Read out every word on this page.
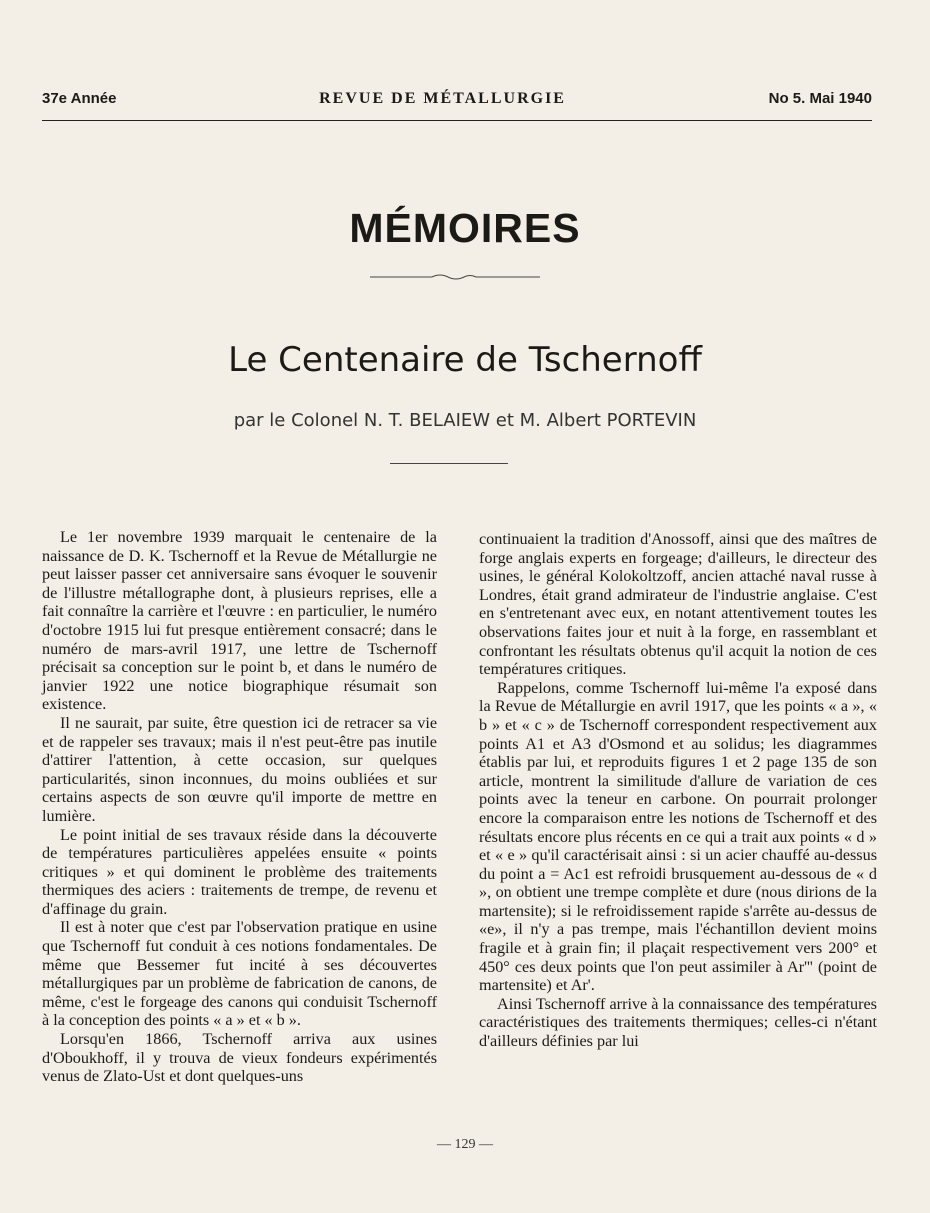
37e Année	REVUE DE MÉTALLURGIE	No 5. Mai 1940
MÉMOIRES
Le Centenaire de Tschernoff
par le Colonel N. T. BELAIEW et M. Albert PORTEVIN

Le 1er novembre 1939 marquait le centenaire de la naissance de D. K. Tschernoff et la Revue de Métallurgie ne peut laisser passer cet anniversaire sans évoquer le souvenir de l'illustre métallographe dont, à plusieurs reprises, elle a fait connaître la carrière et l'œuvre : en particulier, le numéro d'octobre 1915 lui fut presque entièrement consacré; dans le numéro de mars-avril 1917, une lettre de Tschernoff précisait sa conception sur le point b, et dans le numéro de janvier 1922 une notice biographique résumait son existence.

Il ne saurait, par suite, être question ici de retracer sa vie et de rappeler ses travaux; mais il n'est peut-être pas inutile d'attirer l'attention, à cette occasion, sur quelques particularités, sinon inconnues, du moins oubliées et sur certains aspects de son œuvre qu'il importe de mettre en lumière.

Le point initial de ses travaux réside dans la découverte de températures particulières appelées ensuite « points critiques » et qui dominent le problème des traitements thermiques des aciers : traitements de trempe, de revenu et d'affinage du grain.

Il est à noter que c'est par l'observation pratique en usine que Tschernoff fut conduit à ces notions fondamentales. De même que Bessemer fut incité à ses découvertes métallurgiques par un problème de fabrication de canons, de même, c'est le forgeage des canons qui conduisit Tschernoff à la conception des points « a » et « b ».

Lorsqu'en 1866, Tschernoff arriva aux usines d'Oboukhoff, il y trouva de vieux fondeurs expérimentés venus de Zlato-Ust et dont quelques-uns

continuaient la tradition d'Anossoff, ainsi que des maîtres de forge anglais experts en forgeage; d'ailleurs, le directeur des usines, le général Kolokoltzoff, ancien attaché naval russe à Londres, était grand admirateur de l'industrie anglaise. C'est en s'entretenant avec eux, en notant attentivement toutes les observations faites jour et nuit à la forge, en rassemblant et confrontant les résultats obtenus qu'il acquit la notion de ces températures critiques.

Rappelons, comme Tschernoff lui-même l'a exposé dans la Revue de Métallurgie en avril 1917, que les points « a », « b » et « c » de Tschernoff correspondent respectivement aux points A1 et A3 d'Osmond et au solidus; les diagrammes établis par lui, et reproduits figures 1 et 2 page 135 de son article, montrent la similitude d'allure de variation de ces points avec la teneur en carbone. On pourrait prolonger encore la comparaison entre les notions de Tschernoff et des résultats encore plus récents en ce qui a trait aux points « d » et « e » qu'il caractérisait ainsi : si un acier chauffé au-dessus du point a = Ac1 est refroidi brusquement au-dessous de « d », on obtient une trempe complète et dure (nous dirions de la martensite); si le refroidissement rapide s'arrête au-dessus de «e», il n'y a pas trempe, mais l'échantillon devient moins fragile et à grain fin; il plaçait respectivement vers 200° et 450° ces deux points que l'on peut assimiler à Ar''' (point de martensite) et Ar'.

Ainsi Tschernoff arrive à la connaissance des températures caractéristiques des traitements thermiques; celles-ci n'étant d'ailleurs définies par lui

— 129 —
